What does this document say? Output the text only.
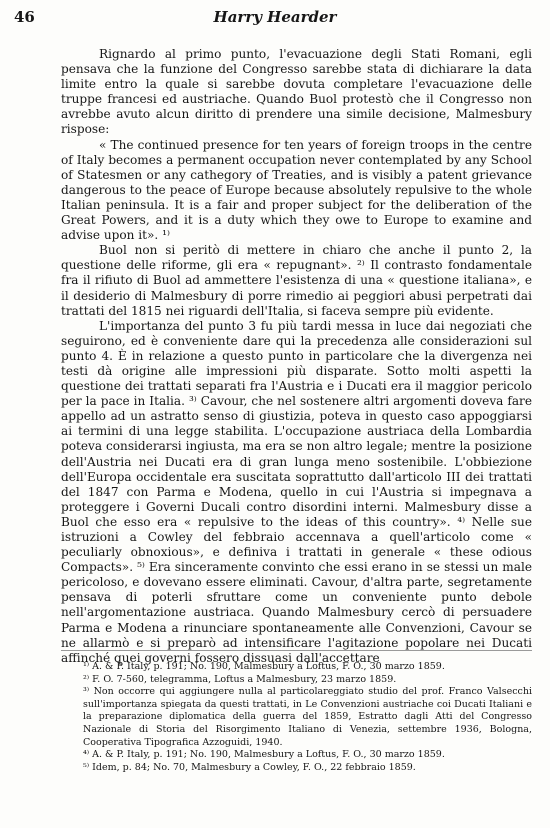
46	Harry Hearder

Rignardo al primo punto, l'evacuazione degli Stati Romani, egli pensava che la funzione del Congresso sarebbe stata di dichiarare la data limite entro la quale si sarebbe dovuta completare l'evacuazione delle truppe francesi ed austriache. Quando Buol protestò che il Congresso non avrebbe avuto alcun diritto di prendere una simile decisione, Malmesbury rispose:

« The continued presence for ten years of foreign troops in the centre of Italy becomes a permanent occupation never contemplated by any School of Statesmen or any cathegory of Treaties, and is visibly a patent grievance dangerous to the peace of Europe because absolutely repulsive to the whole Italian peninsula. It is a fair and proper subject for the deliberation of the Great Powers, and it is a duty which they owe to Europe to examine and advise upon it». ¹⁾

Buol non si peritò di mettere in chiaro che anche il punto 2, la questione delle riforme, gli era « repugnant». ²⁾ Il contrasto fondamentale fra il rifiuto di Buol ad ammettere l'esistenza di una « questione italiana», e il desiderio di Malmesbury di porre rimedio ai peggiori abusi perpetrati dai trattati del 1815 nei riguardi dell'Italia, si faceva sempre più evidente.

L'importanza del punto 3 fu più tardi messa in luce dai negoziati che seguirono, ed è conveniente dare qui la precedenza alle considerazioni sul punto 4. È in relazione a questo punto in particolare che la divergenza nei testi dà origine alle impressioni più disparate. Sotto molti aspetti la questione dei trattati separati fra l'Austria e i Ducati era il maggior pericolo per la pace in Italia. ³⁾ Cavour, che nel sostenere altri argomenti doveva fare appello ad un astratto senso di giustizia, poteva in questo caso appoggiarsi ai termini di una legge stabilita. L'occupazione austriaca della Lombardia poteva considerarsi ingiusta, ma era se non altro legale; mentre la posizione dell'Austria nei Ducati era di gran lunga meno sostenibile. L'obbiezione dell'Europa occidentale era suscitata soprattutto dall'articolo III dei trattati del 1847 con Parma e Modena, quello in cui l'Austria si impegnava a proteggere i Governi Ducali contro disordini interni. Malmesbury disse a Buol che esso era « repulsive to the ideas of this country». ⁴⁾ Nelle sue istruzioni a Cowley del febbraio accennava a quell'articolo come « peculiarly obnoxious», e definiva i trattati in generale « these odious Compacts». ⁵⁾ Era sinceramente convinto che essi erano in se stessi un male pericoloso, e dovevano essere eliminati. Cavour, d'altra parte, segretamente pensava di poterli sfruttare come un conveniente punto debole nell'argomentazione austriaca. Quando Malmesbury cercò di persuadere Parma e Modena a rinunciare spontaneamente alle Convenzioni, Cavour se ne allarmò e si preparò ad intensificare l'agitazione popolare nei Ducati affinché quei governi fossero dissuasi dall'accettare

¹⁾ A. & P. Italy, p. 191; No. 190, Malmesbury a Loftus, F. O., 30 marzo 1859.

²⁾ F. O. 7-560, telegramma, Loftus a Malmesbury, 23 marzo 1859.

³⁾ Non occorre qui aggiungere nulla al particolareggiato studio del prof. Franco Valsecchi sull'importanza spiegata da questi trattati, in Le Convenzioni austriache coi Ducati Italiani e la preparazione diplomatica della guerra del 1859, Estratto dagli Atti del Congresso Nazionale di Storia del Risorgimento Italiano di Venezia, settembre 1936, Bologna, Cooperativa Tipografica Azzoguidi, 1940.

⁴⁾ A. & P. Italy, p. 191; No. 190, Malmesbury a Loftus, F. O., 30 marzo 1859.

⁵⁾ Idem, p. 84; No. 70, Malmesbury a Cowley, F. O., 22 febbraio 1859.
